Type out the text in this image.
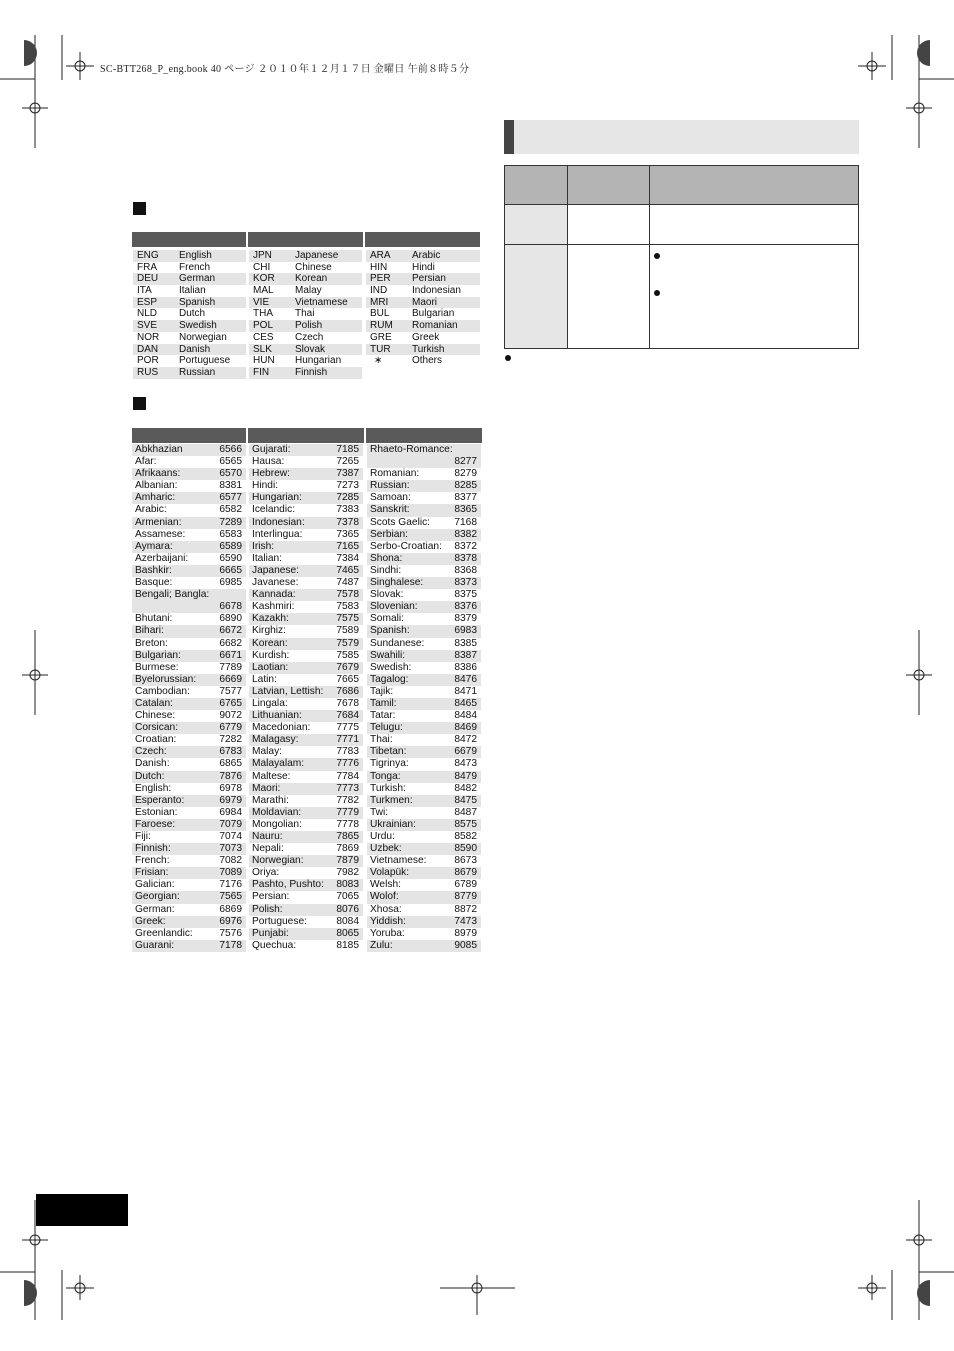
SC-BTT268_P_eng.book 40 ページ ２０１０年１２月１７日 金曜日 午前８時５分
ENG	English
FRA	French
DEU	German
ITA	Italian
ESP	Spanish
NLD	Dutch
SVE	Swedish
NOR	Norwegian
DAN	Danish
POR	Portuguese
RUS	Russian
JPN	Japanese
CHI	Chinese
KOR	Korean
MAL	Malay
VIE	Vietnamese
THA	Thai
POL	Polish
CES	Czech
SLK	Slovak
HUN	Hungarian
FIN	Finnish
ARA	Arabic
HIN	Hindi
PER	Persian
IND	Indonesian
MRI	Maori
BUL	Bulgarian
RUM	Romanian
GRE	Greek
TUR	Turkish
∗	Others
Abkhazian	6566
Afar:	6565
Afrikaans:	6570
Albanian:	8381
Amharic:	6577
Arabic:	6582
Armenian:	7289
Assamese:	6583
Aymara:	6589
Azerbaijani:	6590
Bashkir:	6665
Basque:	6985
Bengali; Bangla:
6678
Bhutani:	6890
Bihari:	6672
Breton:	6682
Bulgarian:	6671
Burmese:	7789
Byelorussian: 6669
Cambodian:	7577
Catalan:	6765
Chinese:	9072
Corsican:	6779
Croatian:	7282
Czech:	6783
Danish:	6865
Dutch:	7876
English:	6978
Esperanto:	6979
Estonian:	6984
Faroese:	7079
Fiji:	7074
Finnish:	7073
French:	7082
Frisian:	7089
Galician:	7176
Georgian:	7565
German:	6869
Greek:	6976
Greenlandic:	7576
Guarani:	7178
Gujarati:	7185
Hausa:	7265
Hebrew:	7387
Hindi:	7273
Hungarian:	7285
Icelandic:	7383
Indonesian:	7378
Interlingua:	7365
Irish:	7165
Italian:	7384
Japanese:	7465
Javanese:	7487
Kannada:	7578
Kashmiri:	7583
Kazakh:	7575
Kirghiz:	7589
Korean:	7579
Kurdish:	7585
Laotian:	7679
Latin:	7665
Latvian, Lettish: 7686
Lingala:	7678
Lithuanian:	7684
Macedonian:	7775
Malagasy:	7771
Malay:	7783
Malayalam:	7776
Maltese:	7784
Maori:	7773
Marathi:	7782
Moldavian:	7779
Mongolian:	7778
Nauru:	7865
Nepali:	7869
Norwegian:	7879
Oriya:	7982
Pashto, Pushto: 8083
Persian:	7065
Polish:	8076
Portuguese:	8084
Punjabi:	8065
Quechua:	8185
Rhaeto-Romance:
8277
Romanian:	8279
Russian:	8285
Samoan:	8377
Sanskrit:	8365
Scots Gaelic: 7168
Serbian:	8382
Serbo-Croatian: 8372
Shona:	8378
Sindhi:	8368
Singhalese:	8373
Slovak:	8375
Slovenian:	8376
Somali:	8379
Spanish:	6983
Sundanese:	8385
Swahili:	8387
Swedish:	8386
Tagalog:	8476
Tajik:	8471
Tamil:	8465
Tatar:	8484
Telugu:	8469
Thai:	8472
Tibetan:	6679
Tigrinya:	8473
Tonga:	8479
Turkish:	8482
Turkmen:	8475
Twi:	8487
Ukrainian:	8575
Urdu:	8582
Uzbek:	8590
Vietnamese:	8673
Volapük:	8679
Welsh:	6789
Wolof:	8779
Xhosa:	8872
Yiddish:	7473
Yoruba:	8979
Zulu:	9085
